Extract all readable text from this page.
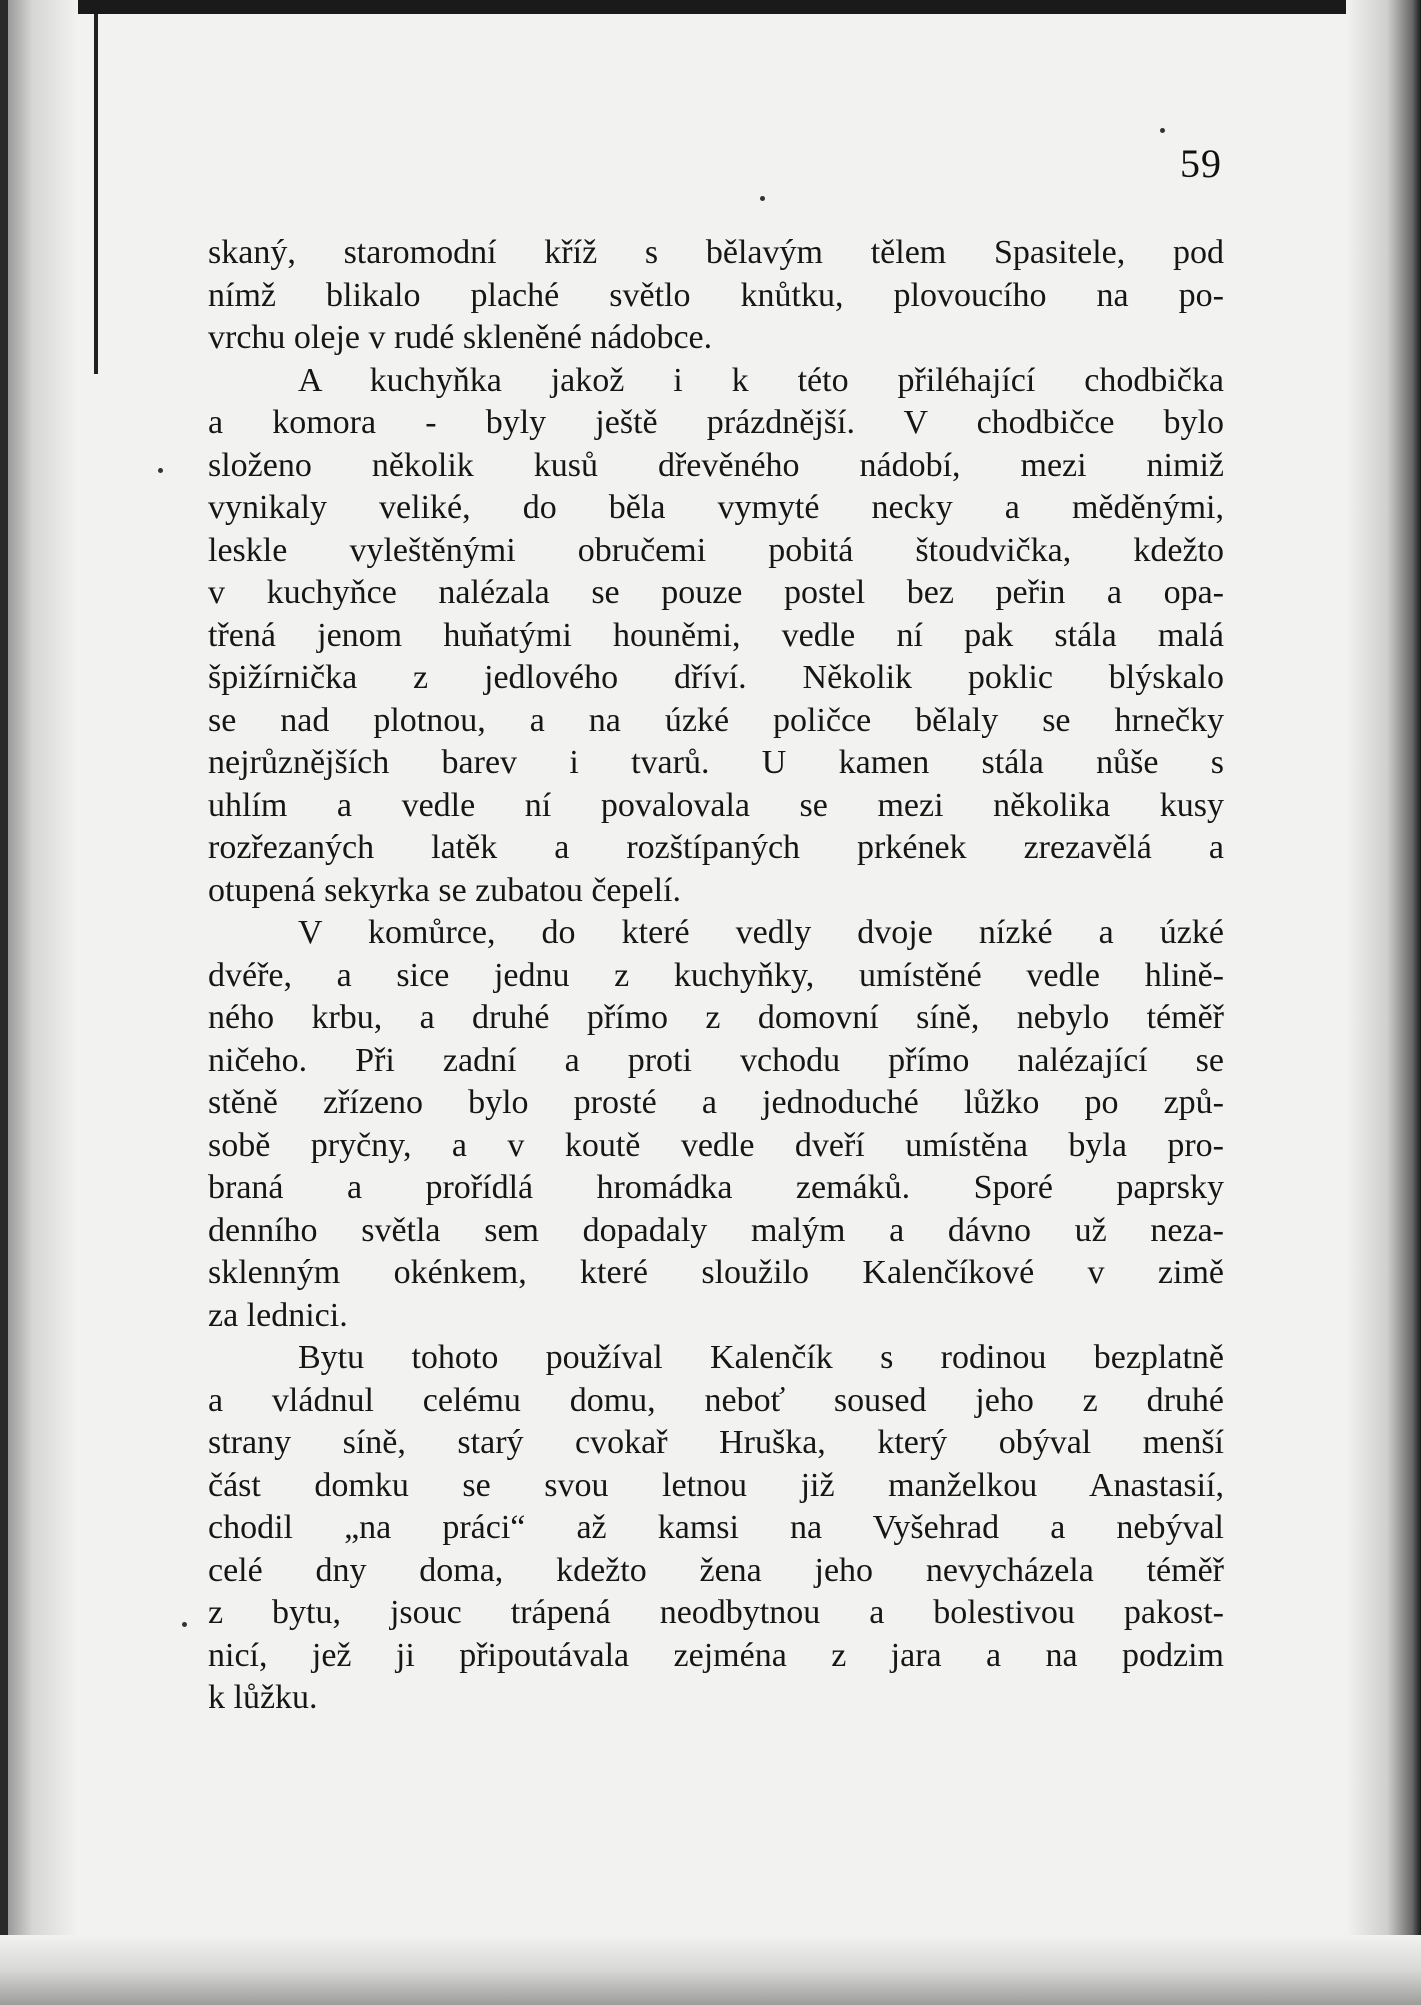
59
skaný, staromodní kříž s bělavým tělem Spasitele, pod
nímž blikalo plaché světlo knůtku, plovoucího na po-
vrchu oleje v rudé skleněné nádobce.
A kuchyňka jakož i k této přiléhající chodbička
a komora - byly ještě prázdnější. V chodbičce bylo
složeno několik kusů dřevěného nádobí, mezi nimiž
vynikaly veliké, do běla vymyté necky a měděnými,
leskle vyleštěnými obručemi pobitá štoudvička, kdežto
v kuchyňce nalézala se pouze postel bez peřin a opa-
třená jenom huňatými houněmi, vedle ní pak stála malá
špižírnička z jedlového dříví. Několik poklic blýskalo
se nad plotnou, a na úzké poličce bělaly se hrnečky
nejrůznějších barev i tvarů. U kamen stála nůše s
uhlím a vedle ní povalovala se mezi několika kusy
rozřezaných latěk a rozštípaných prkének zrezavělá a
otupená sekyrka se zubatou čepelí.
V komůrce, do které vedly dvoje nízké a úzké
dvéře, a sice jednu z kuchyňky, umístěné vedle hlině-
ného krbu, a druhé přímo z domovní síně, nebylo téměř
ničeho. Při zadní a proti vchodu přímo nalézající se
stěně zřízeno bylo prosté a jednoduché lůžko po způ-
sobě pryčny, a v koutě vedle dveří umístěna byla pro-
braná a prořídlá hromádka zemáků. Sporé paprsky
denního světla sem dopadaly malým a dávno už neza-
sklenným okénkem, které sloužilo Kalenčíkové v zimě
za lednici.
Bytu tohoto používal Kalenčík s rodinou bezplatně
a vládnul celému domu, neboť soused jeho z druhé
strany síně, starý cvokař Hruška, který obýval menší
část domku se svou letnou již manželkou Anastasií,
chodil „na práci“ až kamsi na Vyšehrad a nebýval
celé dny doma, kdežto žena jeho nevycházela téměř
z bytu, jsouc trápená neodbytnou a bolestivou pakost-
nicí, jež ji připoutávala zejména z jara a na podzim
k lůžku.
